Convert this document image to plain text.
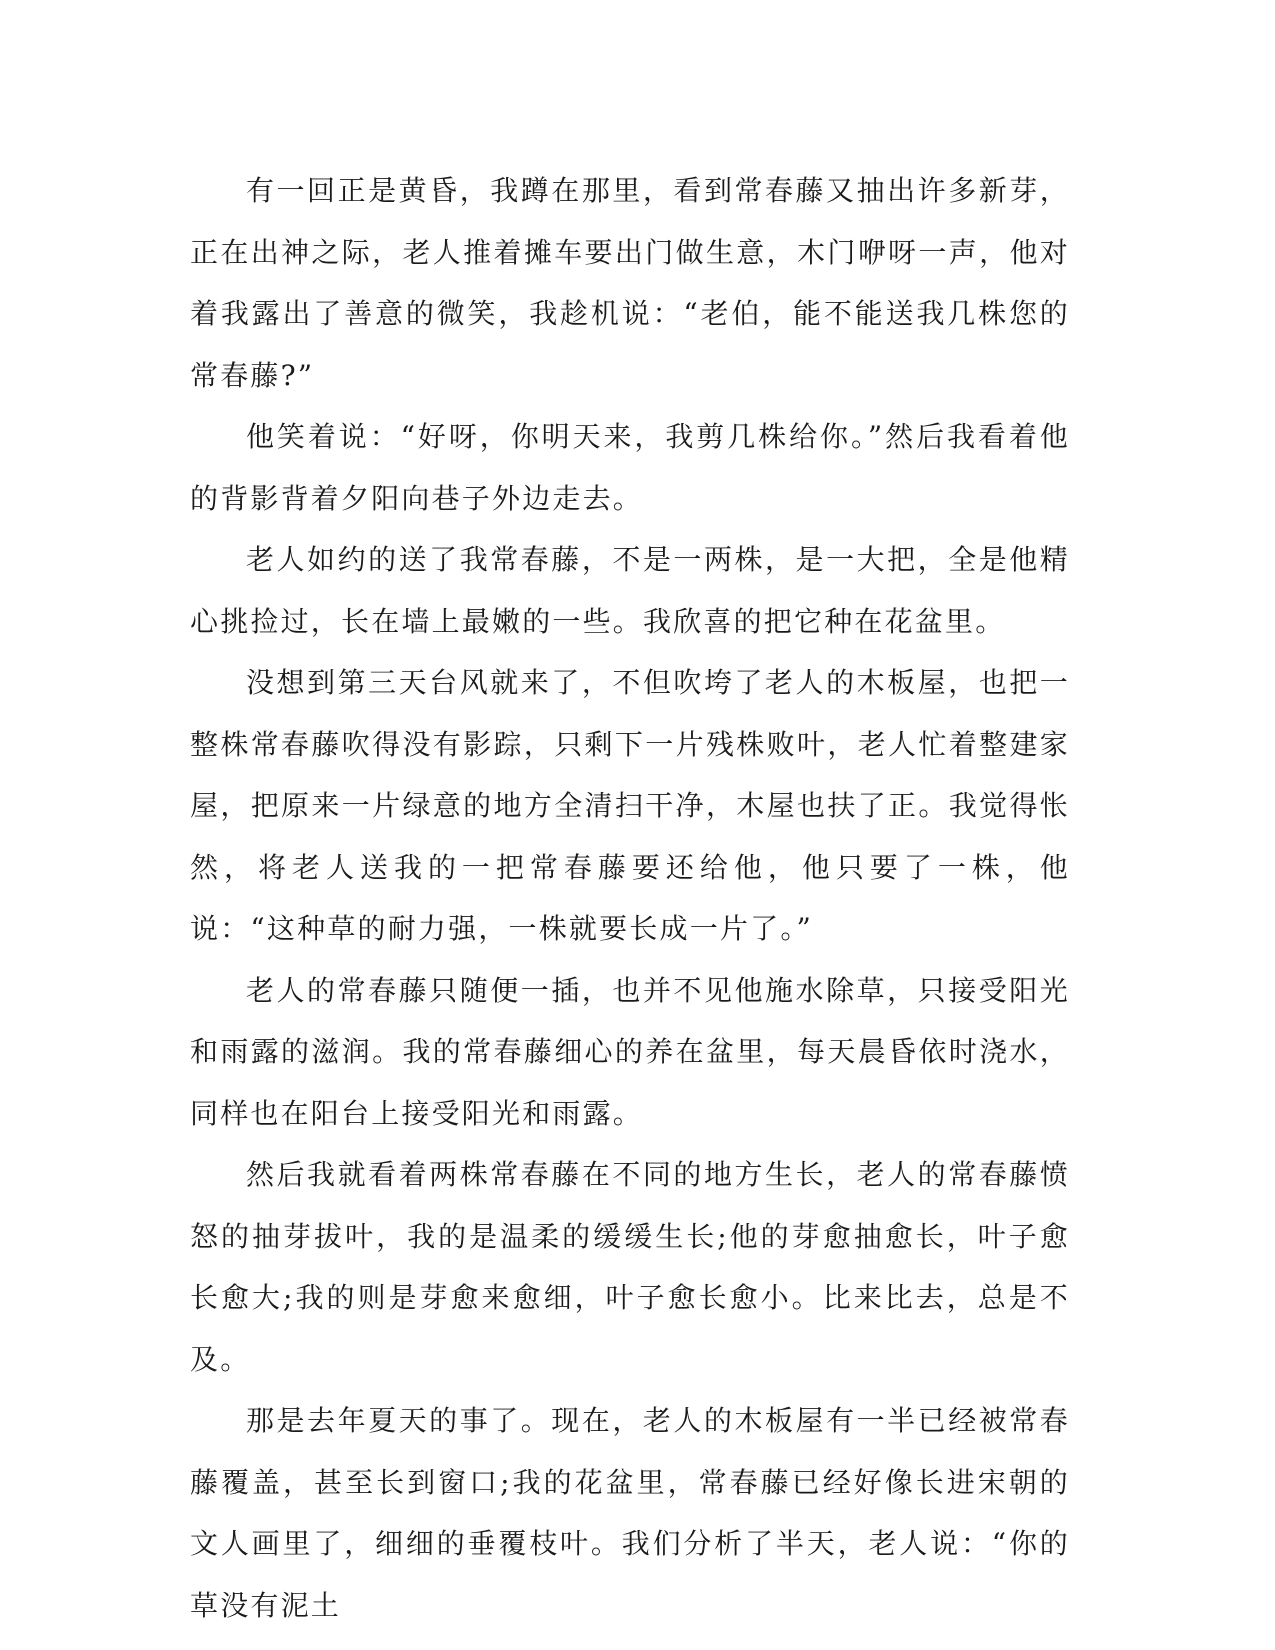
有一回正是黄昏，我蹲在那里，看到常春藤又抽出许多新芽，正在出神之际，老人推着摊车要出门做生意，木门咿呀一声，他对着我露出了善意的微笑，我趁机说：“老伯，能不能送我几株您的常春藤?”

他笑着说：“好呀，你明天来，我剪几株给你。”然后我看着他的背影背着夕阳向巷子外边走去。

老人如约的送了我常春藤，不是一两株，是一大把，全是他精心挑捡过，长在墙上最嫩的一些。我欣喜的把它种在花盆里。

没想到第三天台风就来了，不但吹垮了老人的木板屋，也把一整株常春藤吹得没有影踪，只剩下一片残株败叶，老人忙着整建家屋，把原来一片绿意的地方全清扫干净，木屋也扶了正。我觉得怅然，将老人送我的一把常春藤要还给他，他只要了一株，他说：“这种草的耐力强，一株就要长成一片了。”

老人的常春藤只随便一插，也并不见他施水除草，只接受阳光和雨露的滋润。我的常春藤细心的养在盆里，每天晨昏依时浇水，同样也在阳台上接受阳光和雨露。

然后我就看着两株常春藤在不同的地方生长，老人的常春藤愤怒的抽芽拔叶，我的是温柔的缓缓生长;他的芽愈抽愈长，叶子愈长愈大;我的则是芽愈来愈细，叶子愈长愈小。比来比去，总是不及。

那是去年夏天的事了。现在，老人的木板屋有一半已经被常春藤覆盖，甚至长到窗口;我的花盆里，常春藤已经好像长进宋朝的文人画里了，细细的垂覆枝叶。我们分析了半天，老人说：“你的草没有泥土
